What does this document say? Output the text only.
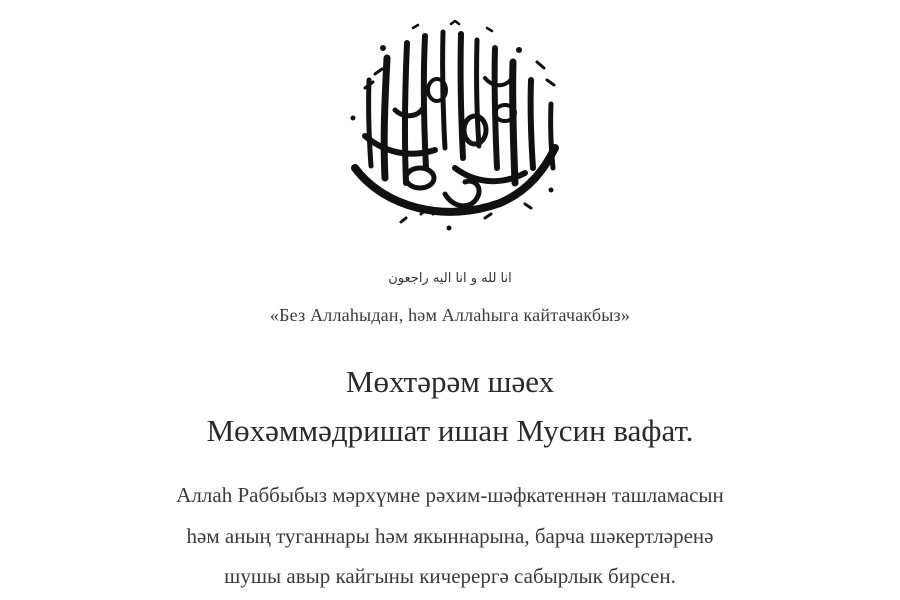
انا لله و انا اليه راجعون
«Без Аллаһыдан, һәм Аллаһыга кайтачакбыз»
Мөхтәрәм шәех
Мөхәммәдришат ишан Мусин вафат.
Аллаһ Раббыбыз мәрхүмне рәхим-шәфкатеннән ташламасын
һәм аның туганнары һәм якыннарына, барча шәкертләренә
шушы авыр кайгыны кичерергә сабырлык бирсен.
